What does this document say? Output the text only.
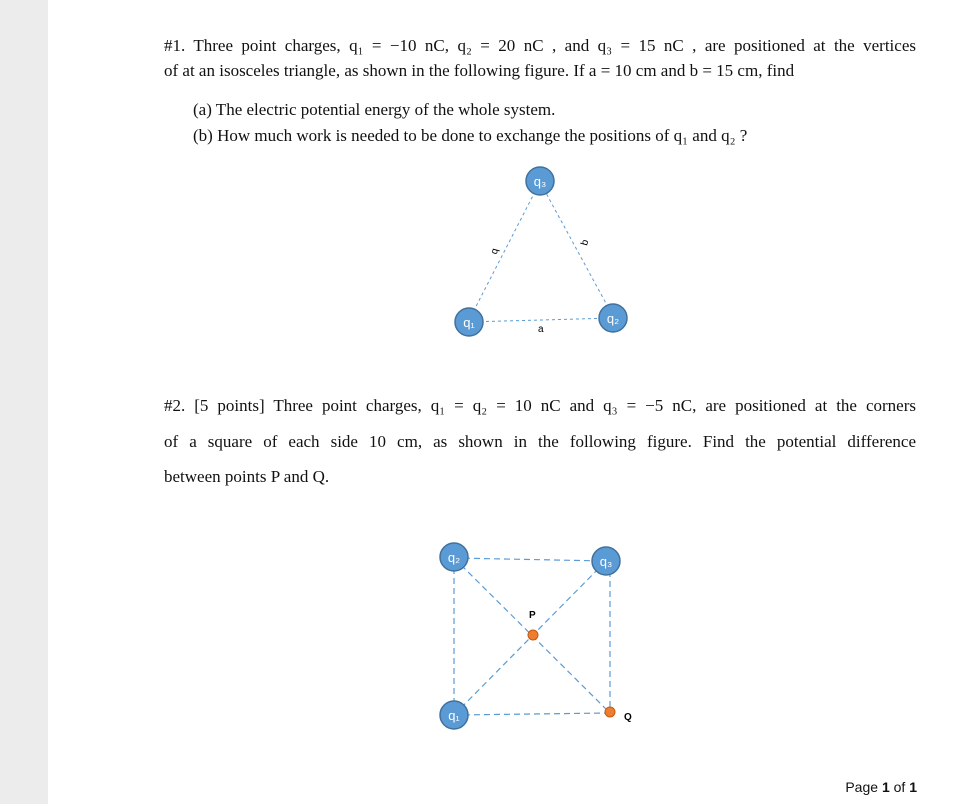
#1. Three point charges, q₁ = −10 nC, q₂ = 20 nC , and q₃ = 15 nC , are positioned at the vertices
of at an isosceles triangle, as shown in the following figure. If a = 10 cm and b = 15 cm, find
(a) The electric potential energy of the whole system.
(b) How much work is needed to be done to exchange the positions of q₁ and q₂ ?
b
b
a
q₃
q₁	q₂
#2. [5 points] Three point charges, q₁ = q₂ = 10 nC and q₃ = −5 nC, are positioned at the corners
of a square of each side 10 cm, as shown in the following figure. Find the potential difference
between points P and Q.
q₂	q₃
q₁
P
Q
Page 1 of 1
